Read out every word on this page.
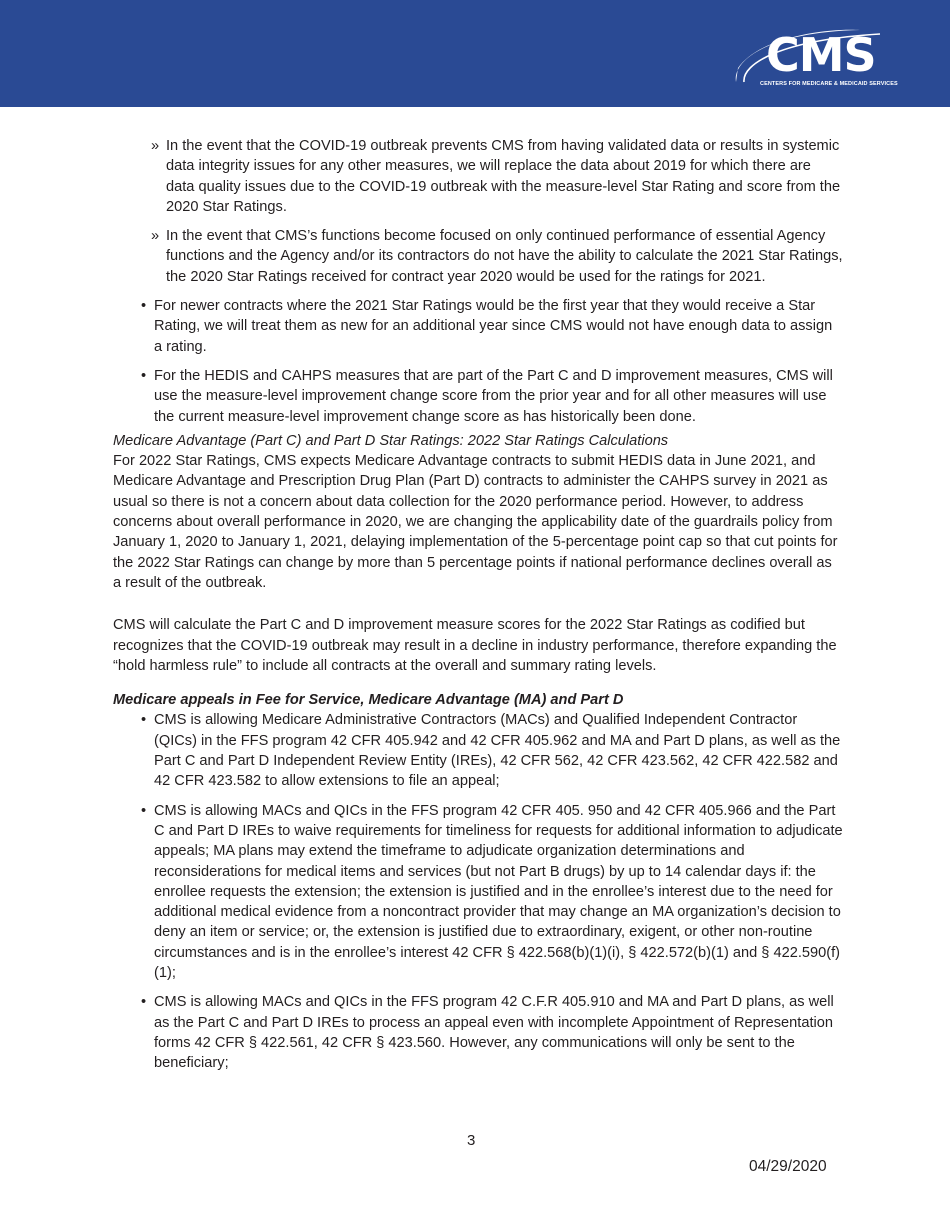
CMS
CENTERS FOR MEDICARE & MEDICAID SERVICES
» In the event that the COVID-19 outbreak prevents CMS from having validated data or results in systemic data integrity issues for any other measures, we will replace the data about 2019 for which there are data quality issues due to the COVID-19 outbreak with the measure-level Star Rating and score from the 2020 Star Ratings.
» In the event that CMS’s functions become focused on only continued performance of essential Agency functions and the Agency and/or its contractors do not have the ability to calculate the 2021 Star Ratings, the 2020 Star Ratings received for contract year 2020 would be used for the ratings for 2021.
• For newer contracts where the 2021 Star Ratings would be the first year that they would receive a Star Rating, we will treat them as new for an additional year since CMS would not have enough data to assign a rating.
• For the HEDIS and CAHPS measures that are part of the Part C and D improvement measures, CMS will use the measure-level improvement change score from the prior year and for all other measures will use the current measure-level improvement change score as has historically been done.
Medicare Advantage (Part C) and Part D Star Ratings: 2022 Star Ratings Calculations
For 2022 Star Ratings, CMS expects Medicare Advantage contracts to submit HEDIS data in June 2021, and Medicare Advantage and Prescription Drug Plan (Part D) contracts to administer the CAHPS survey in 2021 as usual so there is not a concern about data collection for the 2020 performance period. However, to address concerns about overall performance in 2020, we are changing the applicability date of the guardrails policy from January 1, 2020 to January 1, 2021, delaying implementation of the 5-percentage point cap so that cut points for the 2022 Star Ratings can change by more than 5 percentage points if national performance declines overall as a result of the outbreak.
CMS will calculate the Part C and D improvement measure scores for the 2022 Star Ratings as codified but recognizes that the COVID-19 outbreak may result in a decline in industry performance, therefore expanding the “hold harmless rule” to include all contracts at the overall and summary rating levels.
Medicare appeals in Fee for Service, Medicare Advantage (MA) and Part D
• CMS is allowing Medicare Administrative Contractors (MACs) and Qualified Independent Contractor (QICs) in the FFS program 42 CFR 405.942 and 42 CFR 405.962 and MA and Part D plans, as well as the Part C and Part D Independent Review Entity (IREs), 42 CFR 562, 42 CFR 423.562, 42 CFR 422.582 and 42 CFR 423.582 to allow extensions to file an appeal;
• CMS is allowing MACs and QICs in the FFS program 42 CFR 405. 950 and 42 CFR 405.966 and the Part C and Part D IREs to waive requirements for timeliness for requests for additional information to adjudicate appeals; MA plans may extend the timeframe to adjudicate organization determinations and reconsiderations for medical items and services (but not Part B drugs) by up to 14 calendar days if: the enrollee requests the extension; the extension is justified and in the enrollee’s interest due to the need for additional medical evidence from a noncontract provider that may change an MA organization’s decision to deny an item or service; or, the extension is justified due to extraordinary, exigent, or other non-routine circumstances and is in the enrollee’s interest 42 CFR § 422.568(b)(1)(i), § 422.572(b)(1) and § 422.590(f)(1);
• CMS is allowing MACs and QICs in the FFS program 42 C.F.R 405.910 and MA and Part D plans, as well as the Part C and Part D IREs to process an appeal even with incomplete Appointment of Representation forms 42 CFR § 422.561, 42 CFR § 423.560. However, any communications will only be sent to the beneficiary;
3
04/29/2020
